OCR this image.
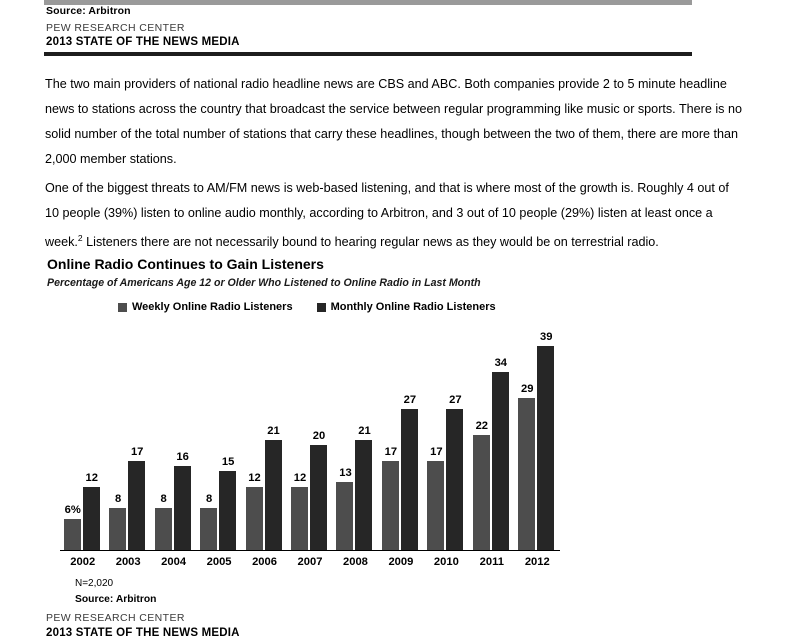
Source: Arbitron
PEW RESEARCH CENTER
2013 STATE OF THE NEWS MEDIA
The two main providers of national radio headline news are CBS and ABC. Both companies provide 2 to 5 minute headline news to stations across the country that broadcast the service between regular programming like music or sports. There is no solid number of the total number of stations that carry these headlines, though between the two of them, there are more than 2,000 member stations.
One of the biggest threats to AM/FM news is web-based listening, and that is where most of the growth is. Roughly 4 out of 10 people (39%) listen to online audio monthly, according to Arbitron, and 3 out of 10 people (29%) listen at least once a week.$^2$ Listeners there are not necessarily bound to hearing regular news as they would be on terrestrial radio.
Online Radio Continues to Gain Listeners
Percentage of Americans Age 12 or Older Who Listened to Online Radio in Last Month
Weekly Online Radio Listeners	Monthly Online Radio Listeners
6%
12
8
17
8
16
8
15
12
21
12
20
13
21
17
27
17
27
22
34
29
39
2002	2003	2004	2005	2006	2007	2008	2009	2010	2011	2012
N=2,020
Source: Arbitron
PEW RESEARCH CENTER
2013 STATE OF THE NEWS MEDIA
